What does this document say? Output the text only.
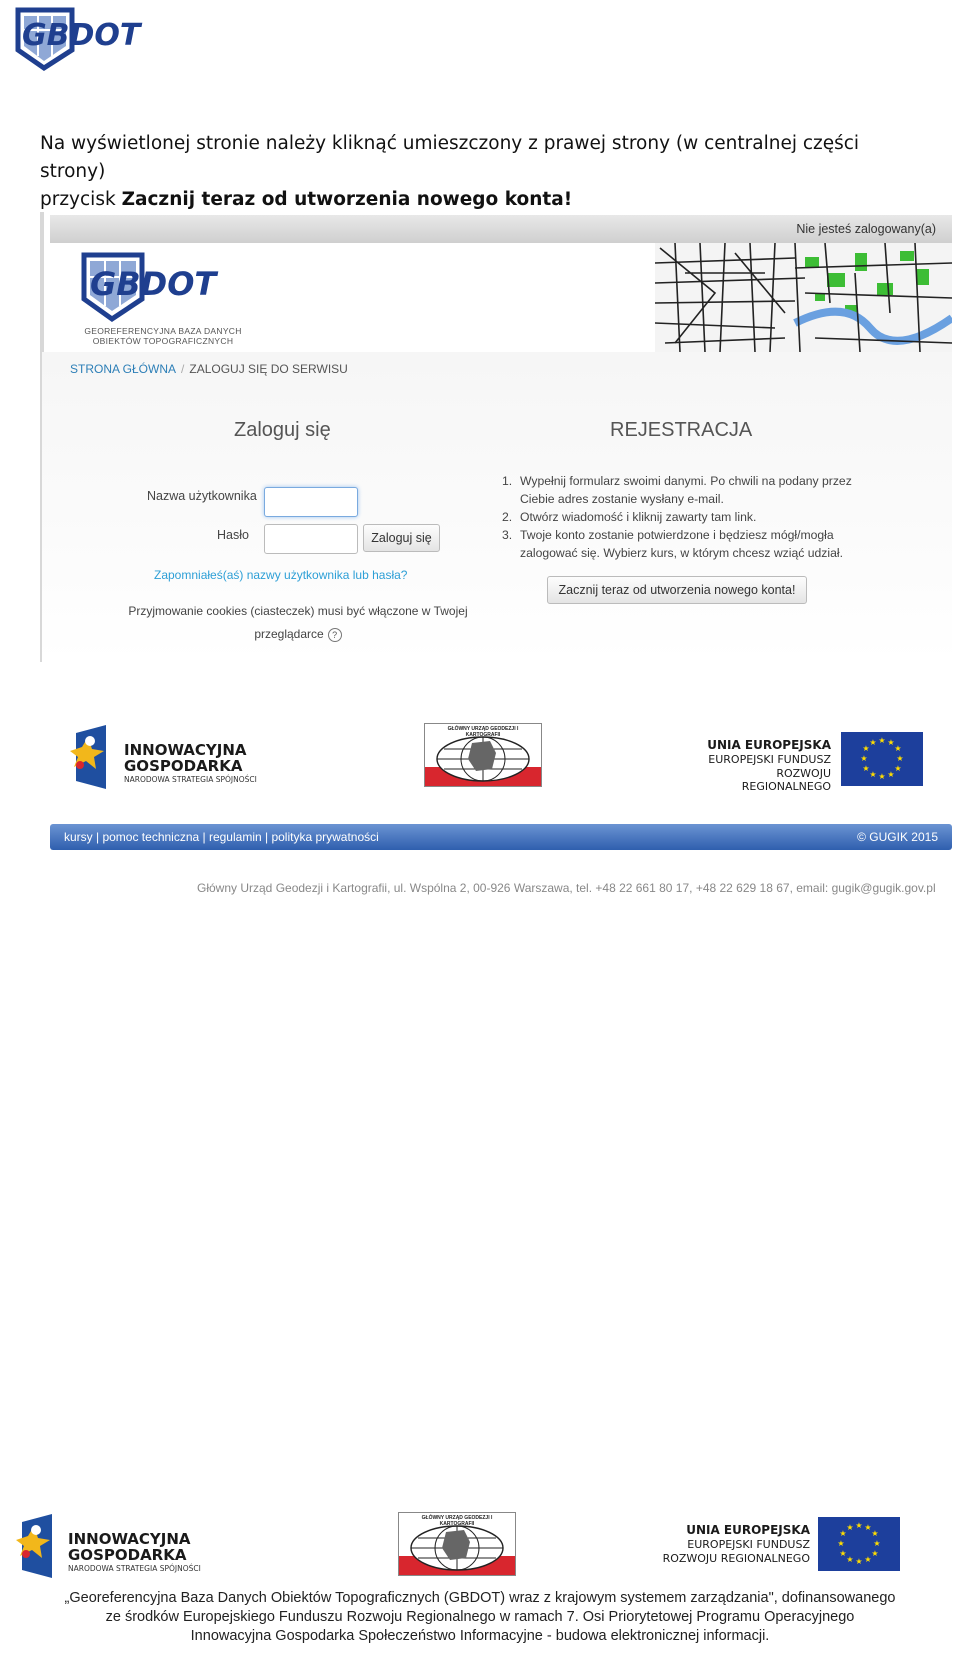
GBDOT
Na wyświetlonej stronie należy kliknąć umieszczony z prawej strony (w centralnej części strony)
przycisk Zacznij teraz od utworzenia nowego konta!
Nie jesteś zalogowany(a)
GBDOT
GEOREFERENCYJNA BAZA DANYCH
OBIEKTÓW TOPOGRAFICZNYCH
STRONA GŁÓWNA / ZALOGUJ SIĘ DO SERWISU
Zaloguj się
Nazwa użytkownika
Hasło	Zaloguj się
Zapomniałeś(aś) nazwy użytkownika lub hasła?
Przyjmowanie cookies (ciasteczek) musi być włączone w Twojej
przeglądarce ?
REJESTRACJA
1. Wypełnij formularz swoimi danymi. Po chwili na podany przez Ciebie adres zostanie wysłany e-mail.
2. Otwórz wiadomość i kliknij zawarty tam link.
3. Twoje konto zostanie potwierdzone i będziesz mógł/mogła zalogować się. Wybierz kurs, w którym chcesz wziąć udział.
Zacznij teraz od utworzenia nowego konta!
INNOWACYJNA
GOSPODARKA
NARODOWA STRATEGIA SPÓJNOŚCI
GŁÓWNY URZĄD GEODEZJI I KARTOGRAFII
UNIA EUROPEJSKA
EUROPEJSKI FUNDUSZ
ROZWOJU REGIONALNEGO
★ ★
★
★
★
★
★
★
★
★
★
★
kursy | pomoc techniczna | regulamin | polityka prywatności	© GUGIK 2015
Główny Urząd Geodezji i Kartografii, ul. Wspólna 2, 00-926 Warszawa, tel. +48 22 661 80 17, +48 22 629 18 67, email: gugik@gugik.gov.pl
INNOWACYJNA
GOSPODARKA
NARODOWA STRATEGIA SPÓJNOŚCI
GŁÓWNY URZĄD GEODEZJI I KARTOGRAFII	UNIA EUROPEJSKA
EUROPEJSKI FUNDUSZ
ROZWOJU REGIONALNEGO
★ ★
★
★
★
★
★
★
★
★
★
★
„Georeferencyjna Baza Danych Obiektów Topograficznych (GBDOT) wraz z krajowym systemem zarządzania", dofinansowanego
ze środków Europejskiego Funduszu Rozwoju Regionalnego w ramach 7. Osi Priorytetowej Programu Operacyjnego
Innowacyjna Gospodarka Społeczeństwo Informacyjne - budowa elektronicznej informacji.
